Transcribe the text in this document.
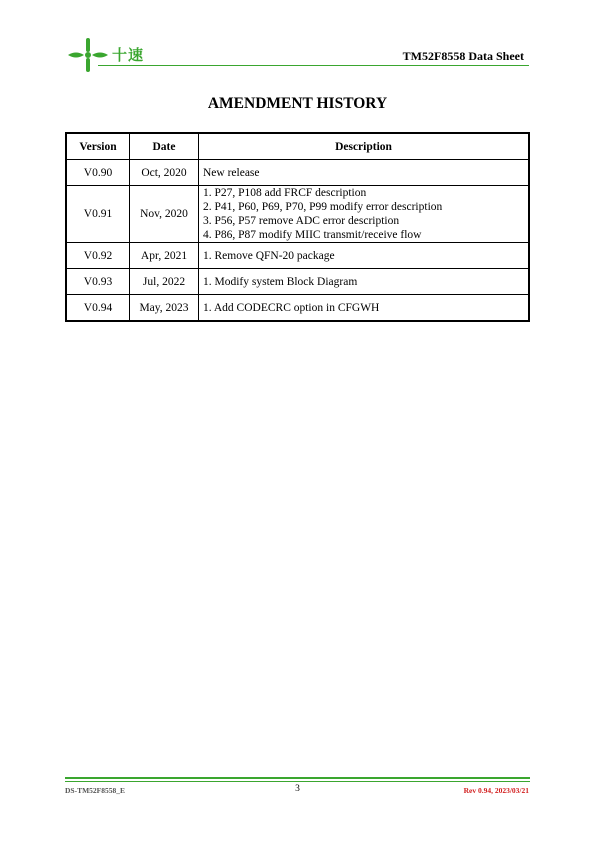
十速	TM52F8558 Data Sheet
AMENDMENT HISTORY
Version	Date	Description
V0.90	Oct, 2020	New release

V0.91	Nov, 2020	1. P27, P108 add FRCF description
2. P41, P60, P69, P70, P99 modify error description
3. P56, P57 remove ADC error description
4. P86, P87 modify MIIC transmit/receive flow

V0.92	Apr, 2021	1. Remove QFN-20 package

V0.93	Jul, 2022	1. Modify system Block Diagram

V0.94	May, 2023	1. Add CODECRC option in CFGWH
DS-TM52F8558_E	3	Rev 0.94, 2023/03/21
